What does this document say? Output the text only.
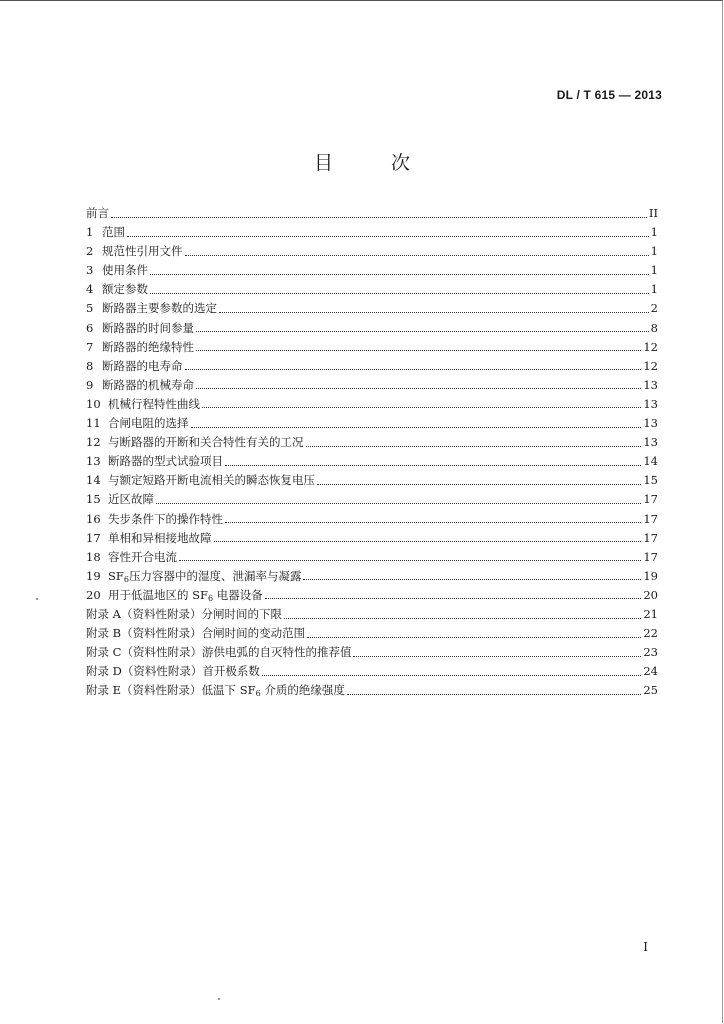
DL / T 615 — 2013
目 次
前言	II
1 范围	1
2 规范性引用文件	1
3 使用条件	1
4 额定参数	1
5 断路器主要参数的选定	2
6 断路器的时间参量	8
7 断路器的绝缘特性	12
8 断路器的电寿命	12
9 断路器的机械寿命	13
10 机械行程特性曲线	13
11 合闸电阻的选择	13
12 与断路器的开断和关合特性有关的工况	13
13 断路器的型式试验项目	14
14 与额定短路开断电流相关的瞬态恢复电压	15
15 近区故障	17
16 失步条件下的操作特性	17
17 单相和异相接地故障	17
18 容性开合电流	17
19 $SF_6$压力容器中的湿度、泄漏率与凝露	19
20 用于低温地区的 $SF_6$ 电器设备	20
附录 A（资料性附录） 分闸时间的下限	21
附录 B（资料性附录） 合闸时间的变动范围	22
附录 C（资料性附录） 游供电弧的自灭特性的推荐值	23
附录 D（资料性附录） 首开极系数	24
附录 E（资料性附录） 低温下 $SF_6$ 介质的绝缘强度	25
I
